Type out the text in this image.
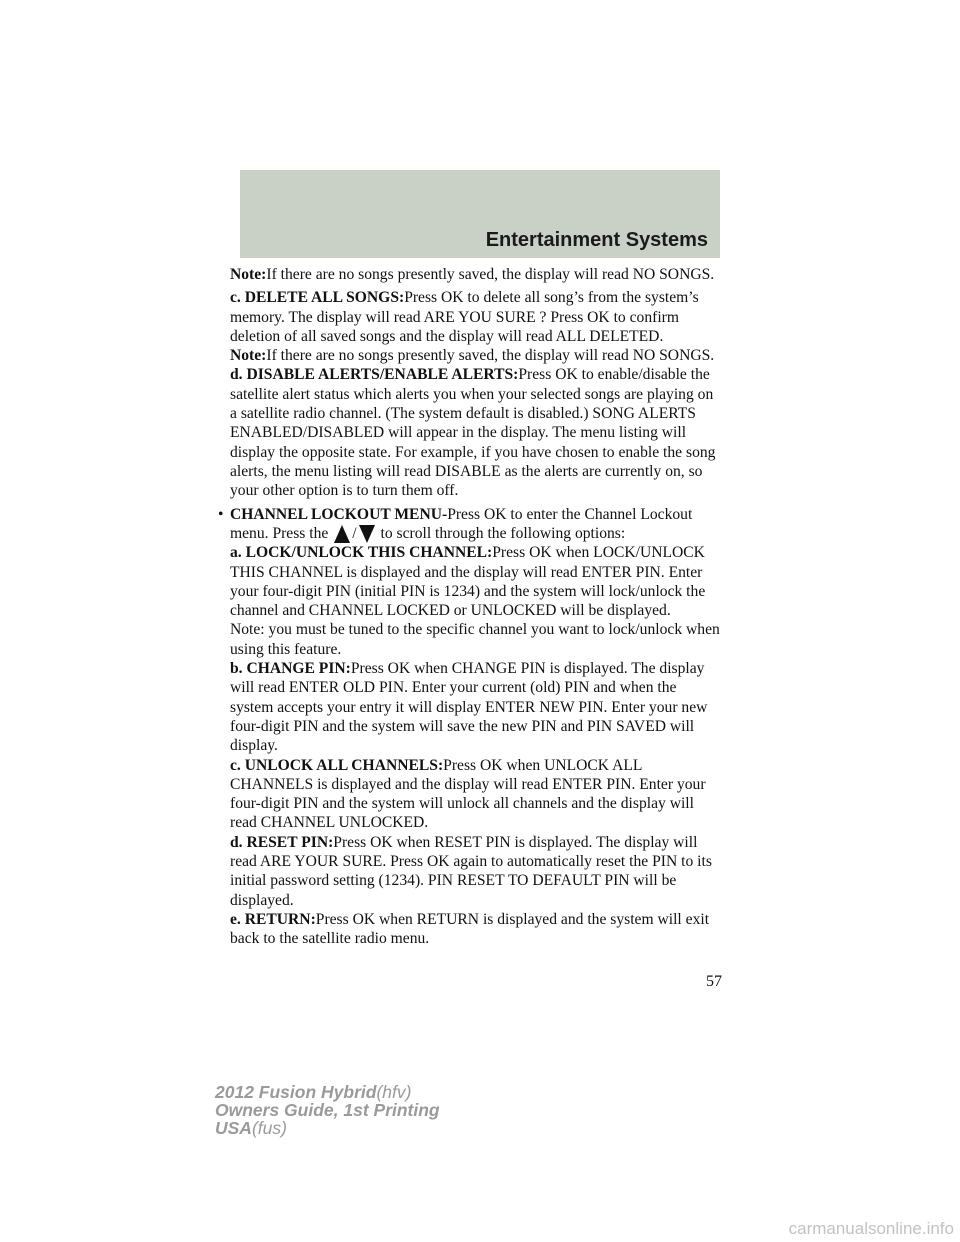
Entertainment Systems

Note:If there are no songs presently saved, the display will read NO SONGS.

c. DELETE ALL SONGS:Press OK to delete all song’s from the system’s memory. The display will read ARE YOU SURE ? Press OK to confirm deletion of all saved songs and the display will read ALL DELETED.

Note:If there are no songs presently saved, the display will read NO SONGS.

d. DISABLE ALERTS/ENABLE ALERTS:Press OK to enable/disable the satellite alert status which alerts you when your selected songs are playing on a satellite radio channel. (The system default is disabled.) SONG ALERTS ENABLED/DISABLED will appear in the display. The menu listing will display the opposite state. For example, if you have chosen to enable the song alerts, the menu listing will read DISABLE as the alerts are currently on, so your other option is to turn them off.

• CHANNEL LOCKOUT MENU-Press OK to enter the Channel Lockout menu. Press the / to scroll through the following options:

a. LOCK/UNLOCK THIS CHANNEL:Press OK when LOCK/UNLOCK THIS CHANNEL is displayed and the display will read ENTER PIN. Enter your four-digit PIN (initial PIN is 1234) and the system will lock/unlock the channel and CHANNEL LOCKED or UNLOCKED will be displayed.

Note: you must be tuned to the specific channel you want to lock/unlock when using this feature.

b. CHANGE PIN:Press OK when CHANGE PIN is displayed. The display will read ENTER OLD PIN. Enter your current (old) PIN and when the system accepts your entry it will display ENTER NEW PIN. Enter your new four-digit PIN and the system will save the new PIN and PIN SAVED will display.

c. UNLOCK ALL CHANNELS:Press OK when UNLOCK ALL CHANNELS is displayed and the display will read ENTER PIN. Enter your four-digit PIN and the system will unlock all channels and the display will read CHANNEL UNLOCKED.

d. RESET PIN:Press OK when RESET PIN is displayed. The display will read ARE YOUR SURE. Press OK again to automatically reset the PIN to its initial password setting (1234). PIN RESET TO DEFAULT PIN will be displayed.

e. RETURN:Press OK when RETURN is displayed and the system will exit back to the satellite radio menu.

57
2012 Fusion Hybrid(hfv)
Owners Guide, 1st Printing
USA(fus)
carmanualsonline.info
